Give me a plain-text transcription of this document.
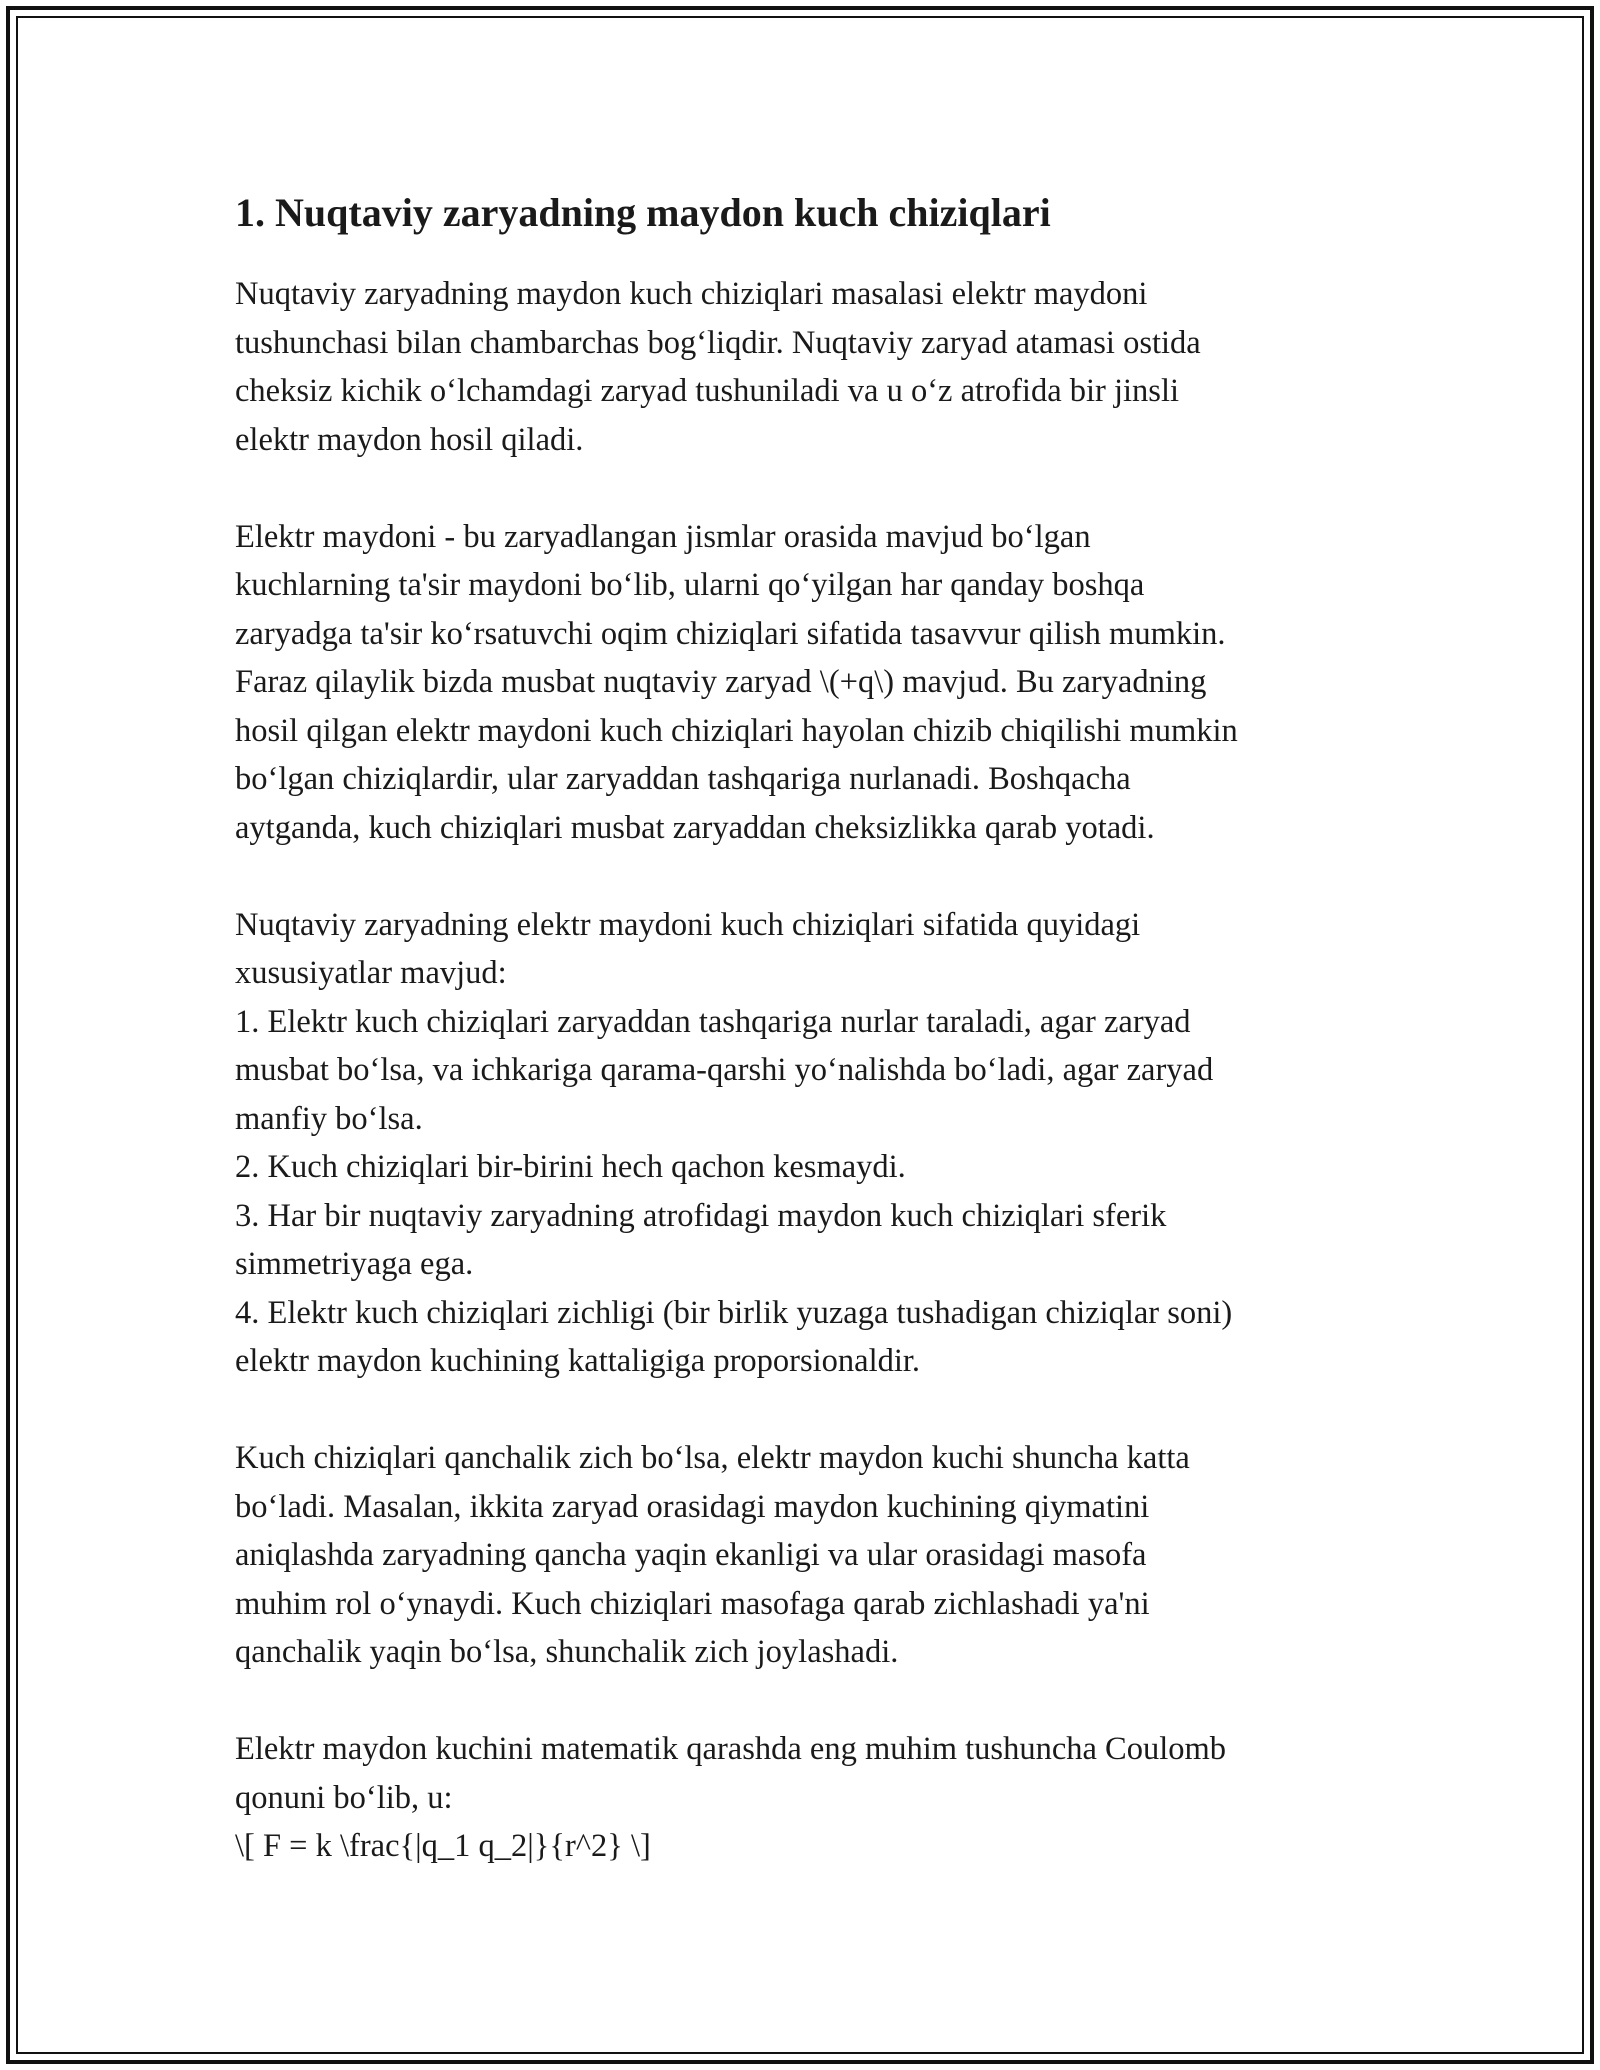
1. Nuqtaviy zaryadning maydon kuch chiziqlari

Nuqtaviy zaryadning maydon kuch chiziqlari masalasi elektr maydoni
tushunchasi bilan chambarchas bog‘liqdir. Nuqtaviy zaryad atamasi ostida
cheksiz kichik o‘lchamdagi zaryad tushuniladi va u o‘z atrofida bir jinsli
elektr maydon hosil qiladi.

Elektr maydoni - bu zaryadlangan jismlar orasida mavjud bo‘lgan
kuchlarning ta'sir maydoni bo‘lib, ularni qo‘yilgan har qanday boshqa
zaryadga ta'sir ko‘rsatuvchi oqim chiziqlari sifatida tasavvur qilish mumkin.
Faraz qilaylik bizda musbat nuqtaviy zaryad \(+q\) mavjud. Bu zaryadning
hosil qilgan elektr maydoni kuch chiziqlari hayolan chizib chiqilishi mumkin
bo‘lgan chiziqlardir, ular zaryaddan tashqariga nurlanadi. Boshqacha
aytganda, kuch chiziqlari musbat zaryaddan cheksizlikka qarab yotadi.

Nuqtaviy zaryadning elektr maydoni kuch chiziqlari sifatida quyidagi
xususiyatlar mavjud:
1. Elektr kuch chiziqlari zaryaddan tashqariga nurlar taraladi, agar zaryad
musbat bo‘lsa, va ichkariga qarama-qarshi yo‘nalishda bo‘ladi, agar zaryad
manfiy bo‘lsa.
2. Kuch chiziqlari bir-birini hech qachon kesmaydi.
3. Har bir nuqtaviy zaryadning atrofidagi maydon kuch chiziqlari sferik
simmetriyaga ega.
4. Elektr kuch chiziqlari zichligi (bir birlik yuzaga tushadigan chiziqlar soni)
elektr maydon kuchining kattaligiga proporsionaldir.

Kuch chiziqlari qanchalik zich bo‘lsa, elektr maydon kuchi shuncha katta
bo‘ladi. Masalan, ikkita zaryad orasidagi maydon kuchining qiymatini
aniqlashda zaryadning qancha yaqin ekanligi va ular orasidagi masofa
muhim rol o‘ynaydi. Kuch chiziqlari masofaga qarab zichlashadi ya'ni
qanchalik yaqin bo‘lsa, shunchalik zich joylashadi.

Elektr maydon kuchini matematik qarashda eng muhim tushuncha Coulomb
qonuni bo‘lib, u:
\[ F = k \frac{|q_1 q_2|}{r^2} \]
